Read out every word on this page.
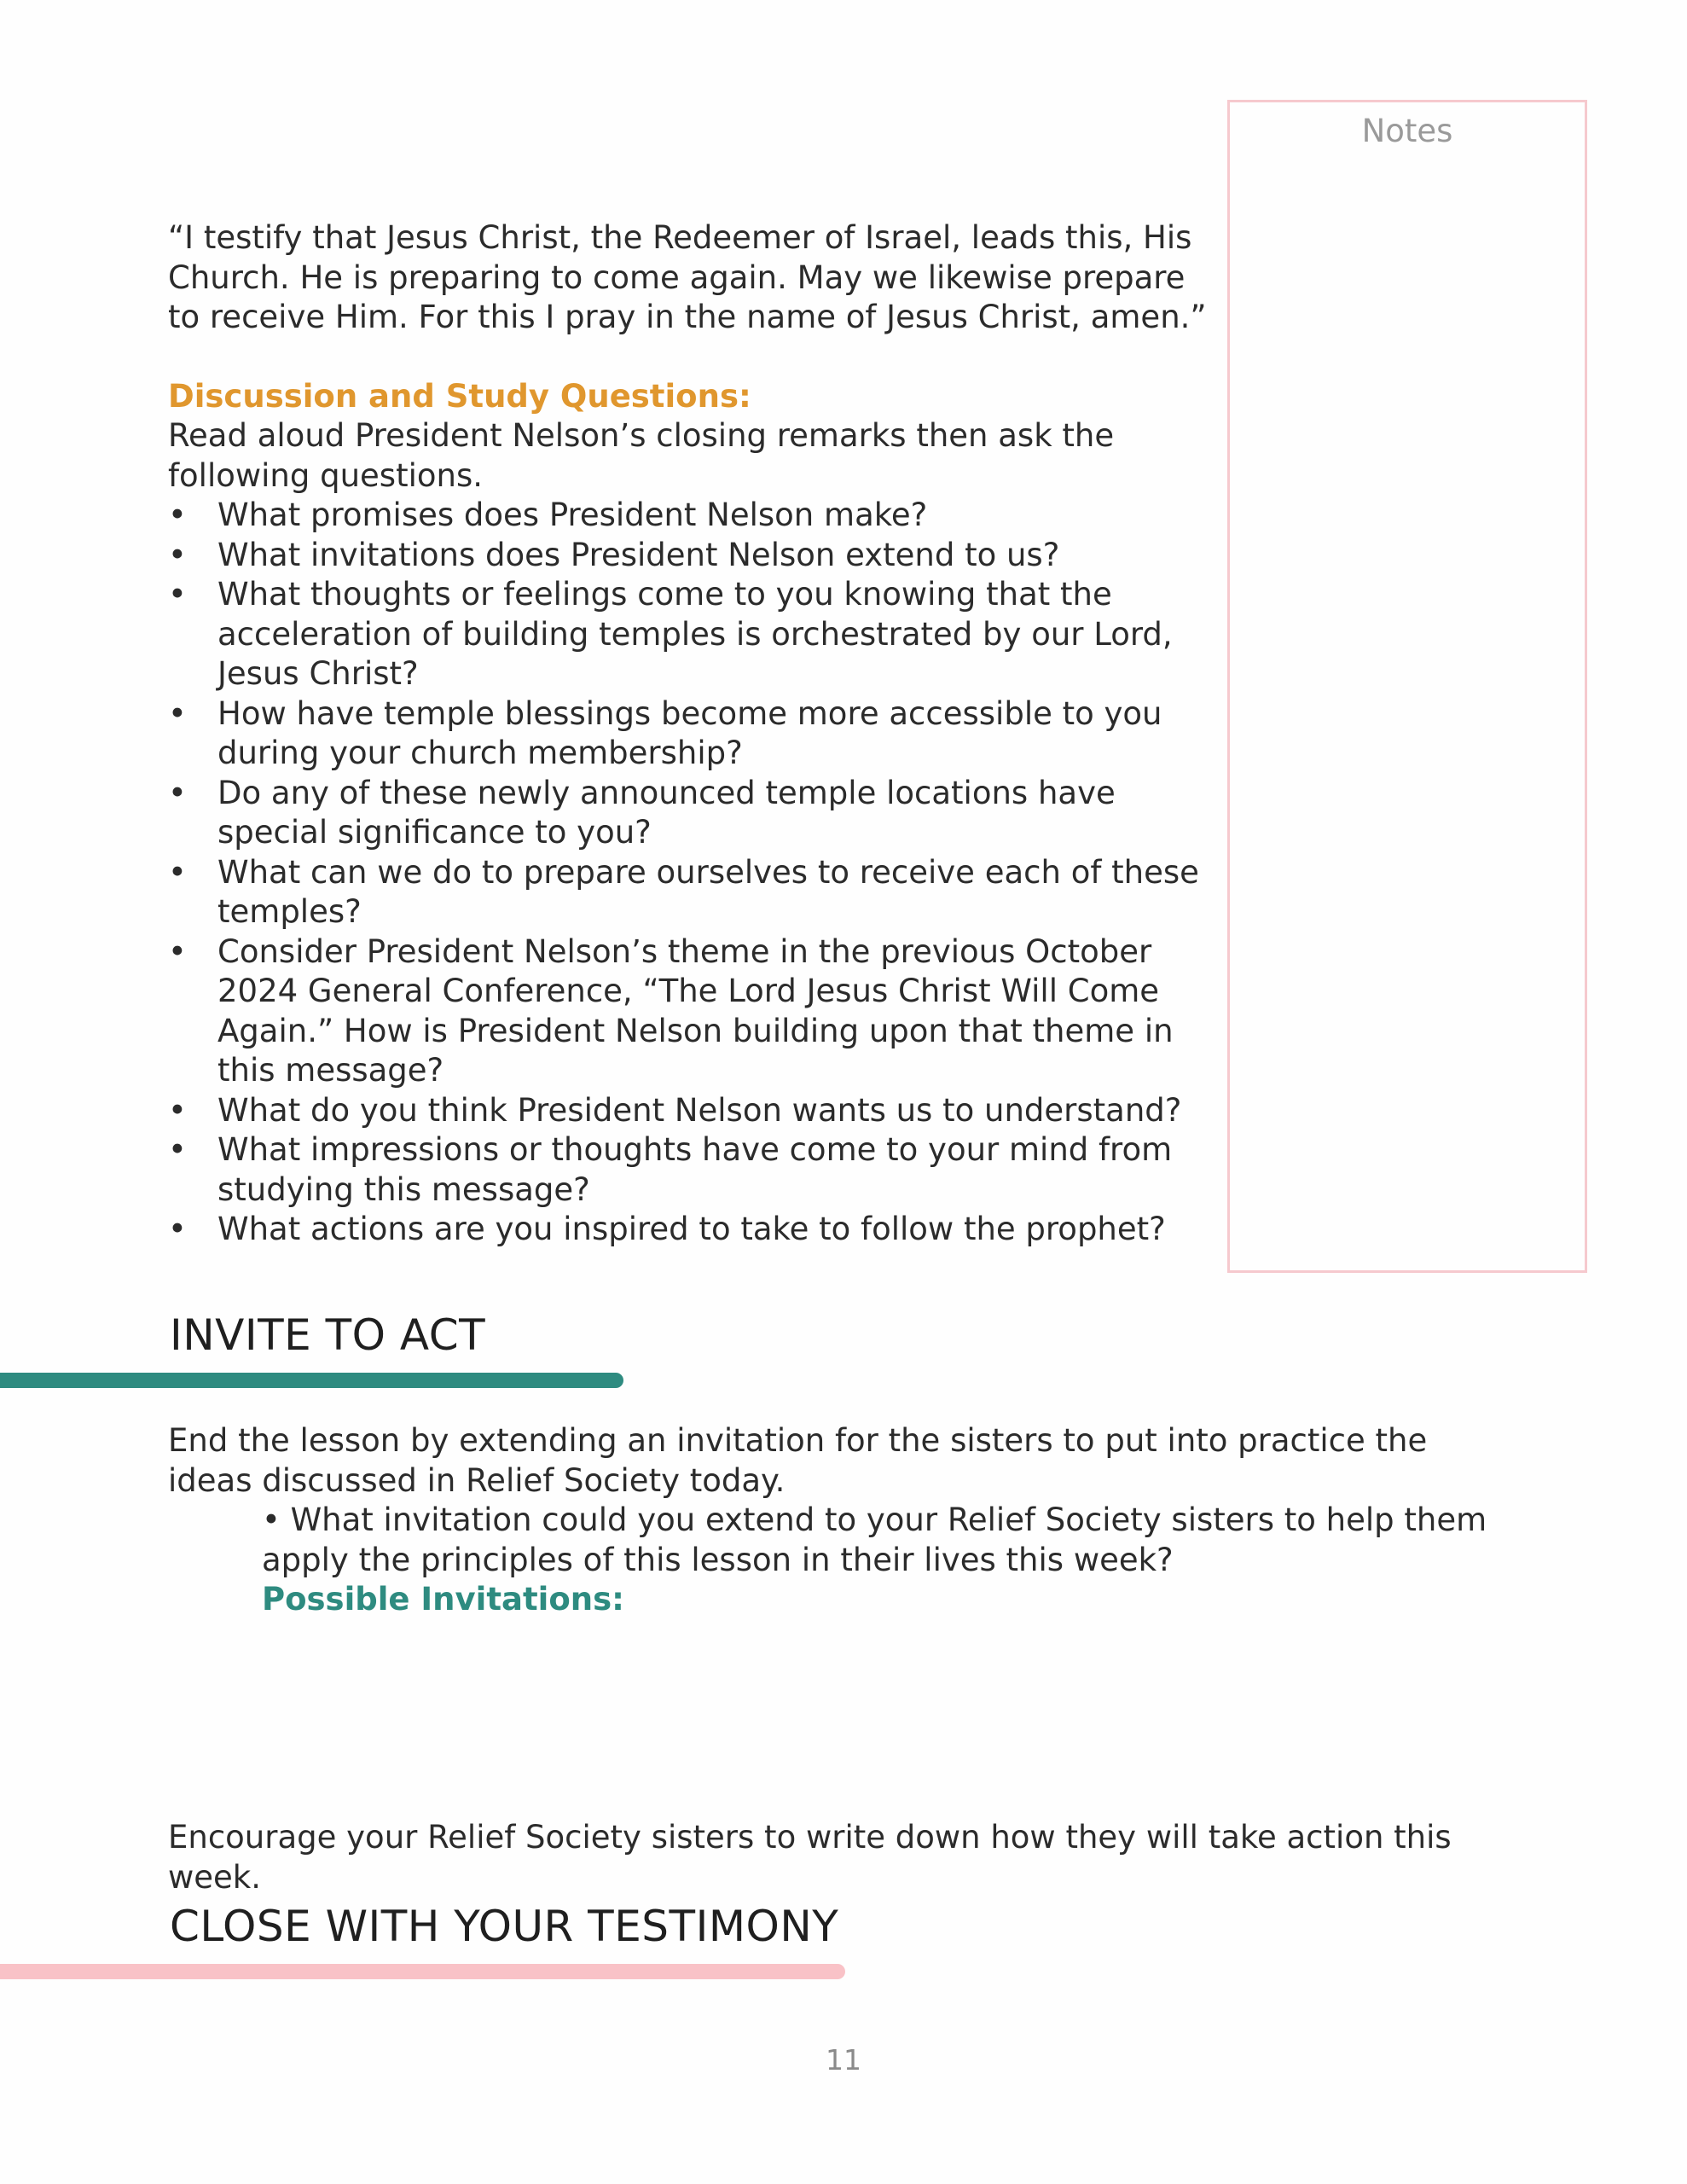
Notes

“I testify that Jesus Christ, the Redeemer of Israel, leads this, His Church. He is preparing to come again. May we likewise prepare to receive Him. For this I pray in the name of Jesus Christ, amen.”

Discussion and Study Questions:

Read aloud President Nelson’s closing remarks then ask the following questions.

• What promises does President Nelson make?
• What invitations does President Nelson extend to us?
• What thoughts or feelings come to you knowing that the acceleration of building temples is orchestrated by our Lord, Jesus Christ?
• How have temple blessings become more accessible to you during your church membership?
• Do any of these newly announced temple locations have special significance to you?
• What can we do to prepare ourselves to receive each of these temples?
• Consider President Nelson’s theme in the previous October 2024 General Conference, “The Lord Jesus Christ Will Come Again.” How is President Nelson building upon that theme in this message?
• What do you think President Nelson wants us to understand?
• What impressions or thoughts have come to your mind from studying this message?
• What actions are you inspired to take to follow the prophet?
INVITE TO ACT

End the lesson by extending an invitation for the sisters to put into practice the ideas discussed in Relief Society today.

• What invitation could you extend to your Relief Society sisters to help them apply the principles of this lesson in their lives this week?

Possible Invitations:

Encourage your Relief Society sisters to write down how they will take action this week.
CLOSE WITH YOUR TESTIMONY
11
